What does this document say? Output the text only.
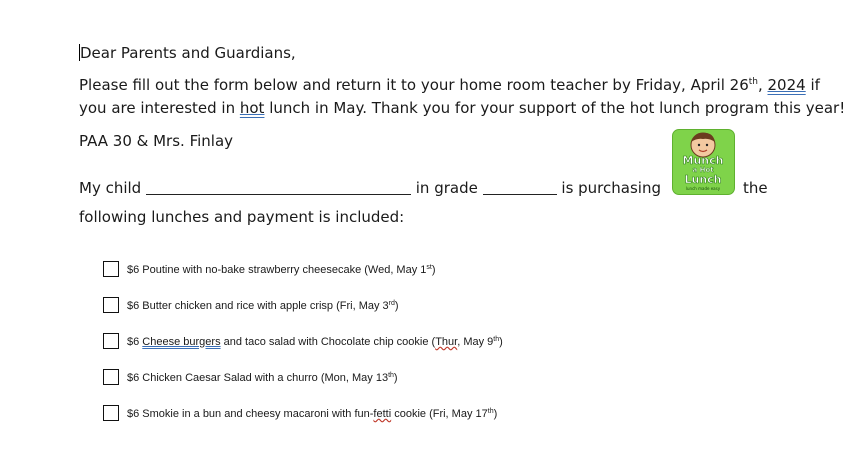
Dear Parents and Guardians,
Please fill out the form below and return it to your home room teacher by Friday, April 26th, 2024 if
you are interested in hot lunch in May. Thank you for your support of the hot lunch program this year!
PAA 30 & Mrs. Finlay
My child	in grade	is purchasing	the
following lunches and payment is included:
Munch
a Hot
Lunch
lunch made easy
$6 Poutine with no-bake strawberry cheesecake (Wed, May 1st)
$6 Butter chicken and rice with apple crisp (Fri, May 3rd)
$6 Cheese burgers and taco salad with Chocolate chip cookie (Thur, May 9th)
$6 Chicken Caesar Salad with a churro (Mon, May 13th)
$6 Smokie in a bun and cheesy macaroni with fun-fetti cookie (Fri, May 17th)
